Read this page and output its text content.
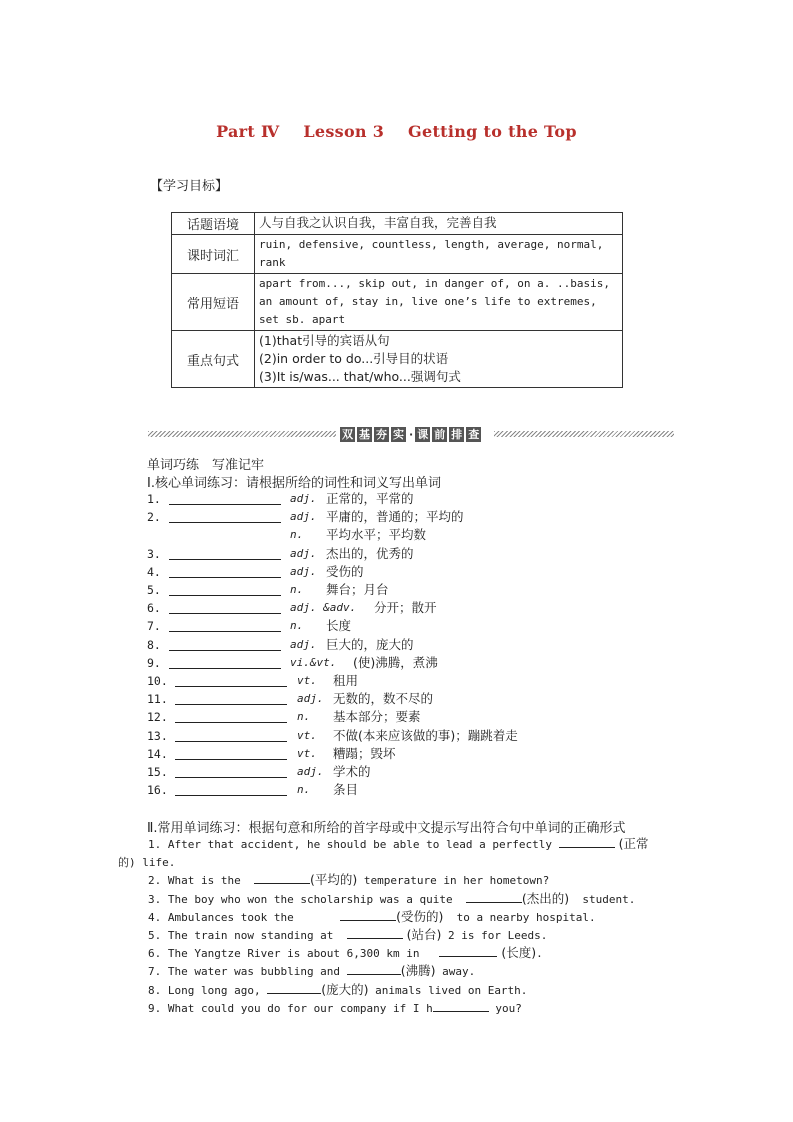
Part Ⅳ Lesson 3 Getting to the Top
【学习目标】
话题语境	人与自我之认识自我，丰富自我，完善自我
课时词汇	ruin, defensive, countless, length, average, normal,
rank

常用短语	apart from..., skip out, in danger of, on a. ..basis,
an amount of, stay in, live one’s life to extremes,
set sb. apart

重点句式	(1)that引导的宾语从句
(2)in order to do...引导目的状语
(3)It is/was... that/who...强调句式
双 基 夯 实 · 课 前 排 查
单词巧练　写准记牢
Ⅰ.核心单词练习：请根据所给的词性和词义写出单词
1.	adj. 正常的，平常的
2.	adj. 平庸的，普通的；平均的
n. 平均水平；平均数
3.	adj. 杰出的，优秀的
4.	adj. 受伤的
5.	n. 舞台；月台
6.	adj. &adv. 分开；散开
7.	n. 长度
8.	adj. 巨大的，庞大的
9.	vi.&vt. (使)沸腾，煮沸
10.	vt. 租用
11.	adj. 无数的，数不尽的
12.	n. 基本部分；要素
13.	vt. 不做(本来应该做的事)；蹦跳着走
14.	vt. 糟蹋；毁坏
15.	adj. 学术的
16.	n. 条目
Ⅱ.常用单词练习：根据句意和所给的首字母或中文提示写出符合句中单词的正确形式
1. After that accident, he should be able to lead a perfectly	(正常
的) life.
2. What is the	(平均的) temperature in her hometown?
3. The boy who won the scholarship was a quite	(杰出的)  student.
4. Ambulances took the	(受伤的)  to a nearby hospital.
5. The train now standing at	(站台) 2 is for Leeds.
6. The Yangtze River is about 6,300 km in	(长度).
7. The water was bubbling and	(沸腾) away.
8. Long long ago,	(庞大的) animals lived on Earth.
9. What could you do for our company if I h	you?
